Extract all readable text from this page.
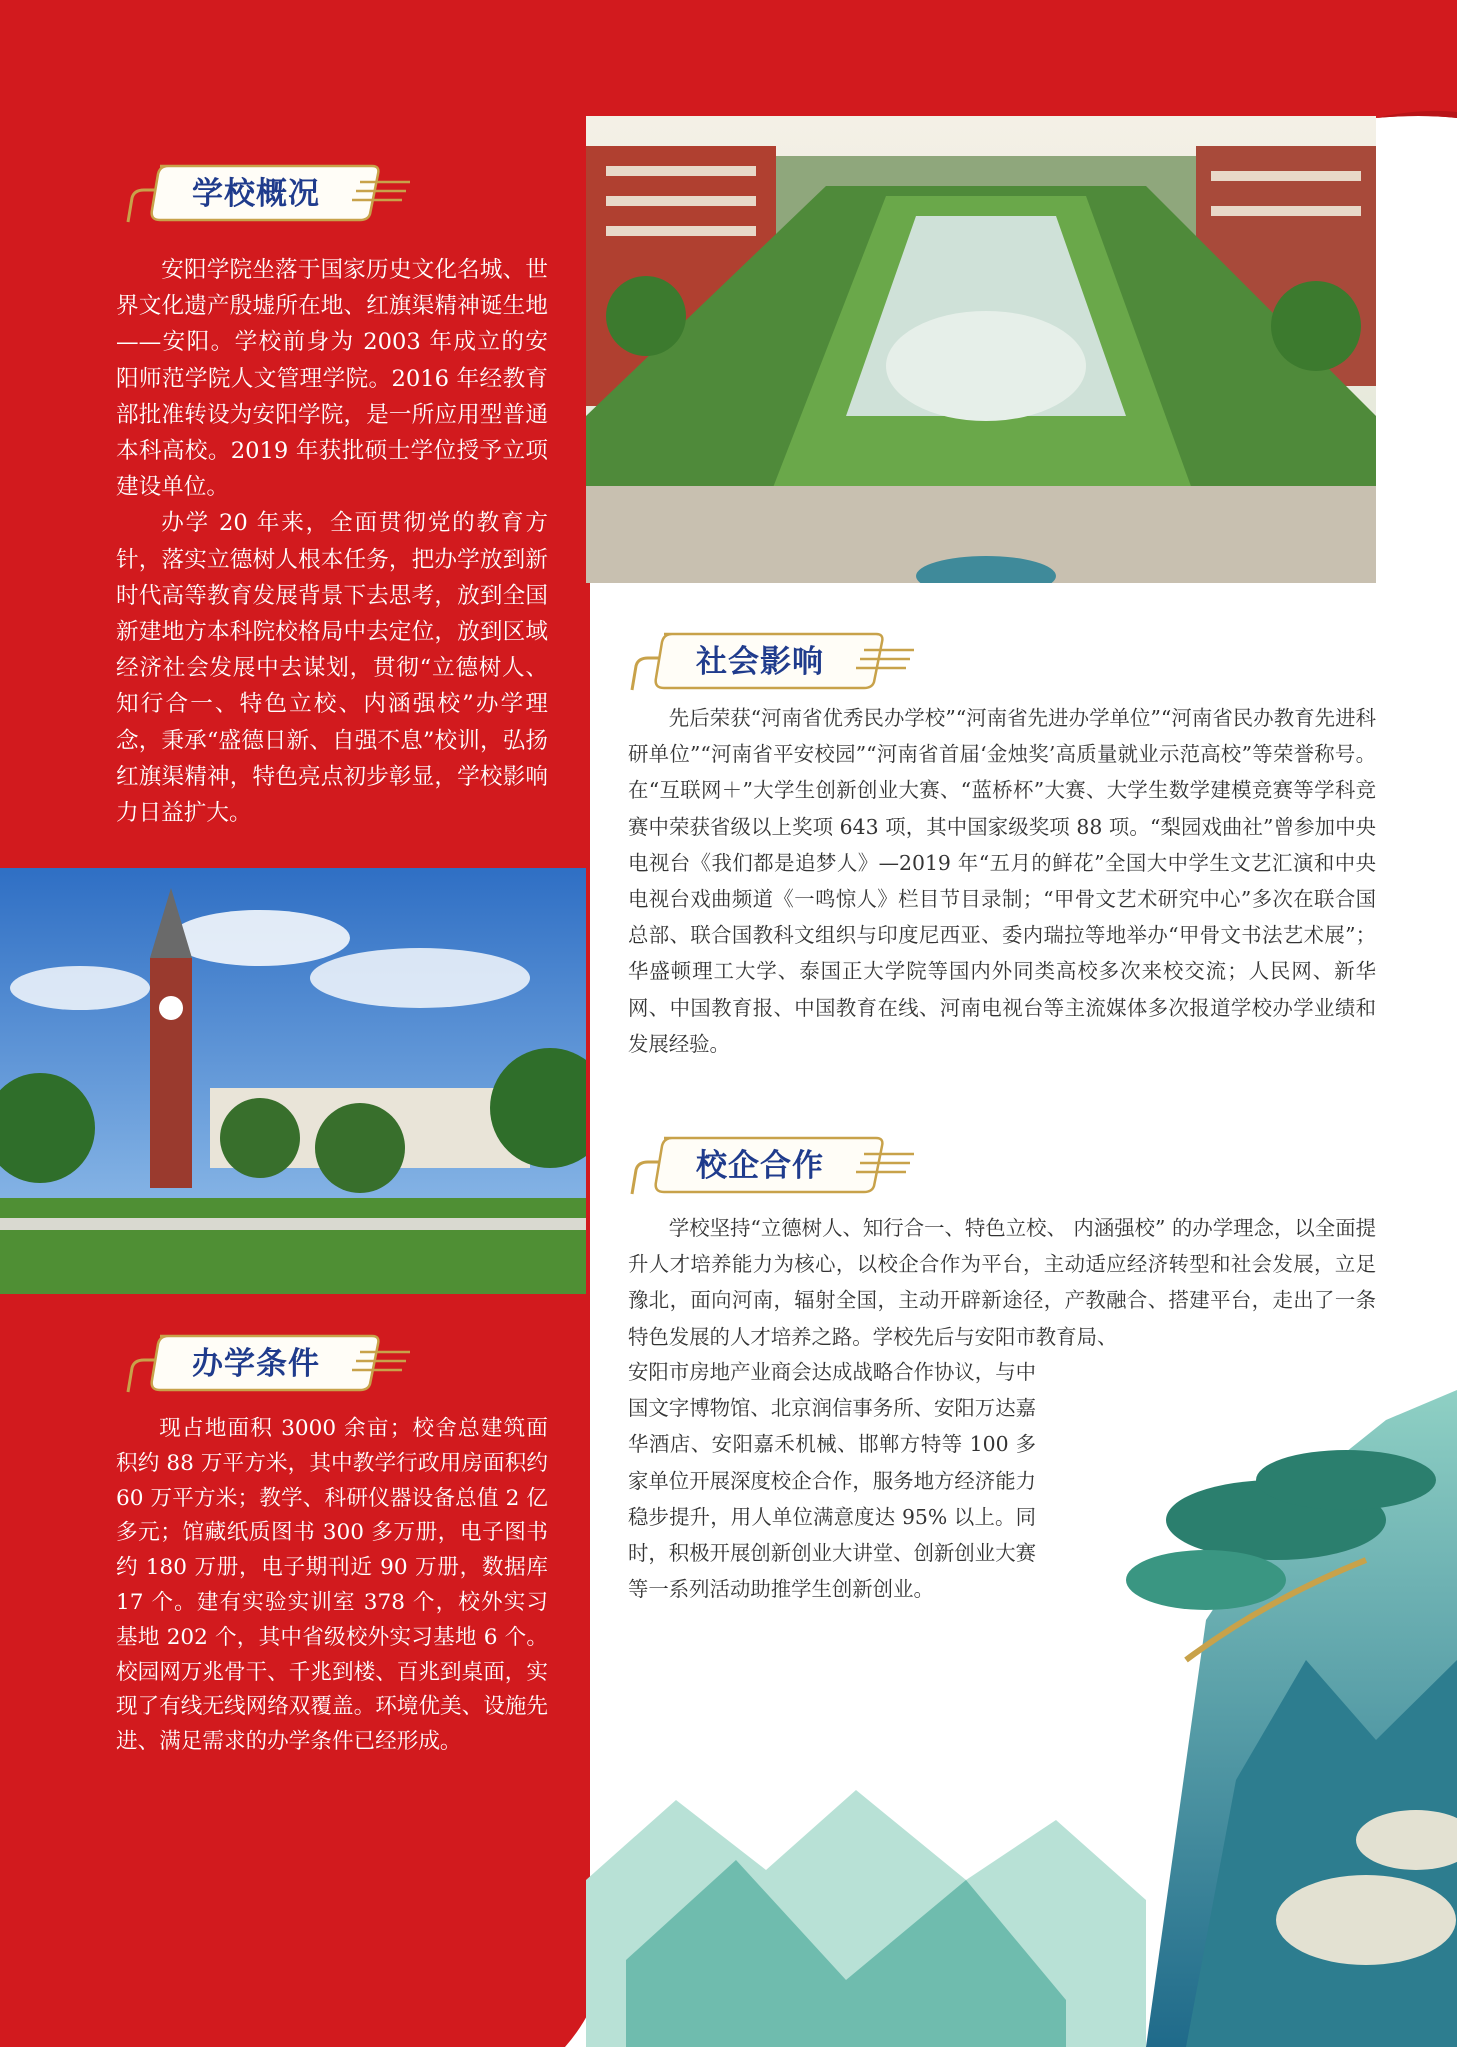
学校概况

安阳学院坐落于国家历史文化名城、世界文化遗产殷墟所在地、红旗渠精神诞生地——安阳。学校前身为 2003 年成立的安阳师范学院人文管理学院。2016 年经教育部批准转设为安阳学院，是一所应用型普通本科高校。2019 年获批硕士学位授予立项建设单位。

办学 20 年来，全面贯彻党的教育方针，落实立德树人根本任务，把办学放到新时代高等教育发展背景下去思考，放到全国新建地方本科院校格局中去定位，放到区域经济社会发展中去谋划，贯彻“立德树人、知行合一、特色立校、内涵强校”办学理念，秉承“盛德日新、自强不息”校训，弘扬红旗渠精神，特色亮点初步彰显，学校影响力日益扩大。

办学条件

现占地面积 3000 余亩；校舍总建筑面积约 88 万平方米，其中教学行政用房面积约 60 万平方米；教学、科研仪器设备总值 2 亿多元；馆藏纸质图书 300 多万册，电子图书约 180 万册，电子期刊近 90 万册，数据库 17 个。建有实验实训室 378 个，校外实习基地 202 个，其中省级校外实习基地 6 个。校园网万兆骨干、千兆到楼、百兆到桌面，实现了有线无线网络双覆盖。环境优美、设施先进、满足需求的办学条件已经形成。

社会影响

先后荣获“河南省优秀民办学校”“河南省先进办学单位”“河南省民办教育先进科研单位”“河南省平安校园”“河南省首届‘金烛奖’高质量就业示范高校”等荣誉称号。在“互联网＋”大学生创新创业大赛、“蓝桥杯”大赛、大学生数学建模竞赛等学科竞赛中荣获省级以上奖项 643 项，其中国家级奖项 88 项。“梨园戏曲社”曾参加中央电视台《我们都是追梦人》—2019 年“五月的鲜花”全国大中学生文艺汇演和中央电视台戏曲频道《一鸣惊人》栏目节目录制；“甲骨文艺术研究中心”多次在联合国总部、联合国教科文组织与印度尼西亚、委内瑞拉等地举办“甲骨文书法艺术展”；华盛顿理工大学、泰国正大学院等国内外同类高校多次来校交流；人民网、新华网、中国教育报、中国教育在线、河南电视台等主流媒体多次报道学校办学业绩和发展经验。

校企合作

学校坚持“立德树人、知行合一、特色立校、 内涵强校” 的办学理念，以全面提升人才培养能力为核心，以校企合作为平台，主动适应经济转型和社会发展，立足豫北，面向河南，辐射全国，主动开辟新途径，产教融合、搭建平台，走出了一条特色发展的人才培养之路。学校先后与安阳市教育局、

安阳市房地产业商会达成战略合作协议，与中国文字博物馆、北京润信事务所、安阳万达嘉华酒店、安阳嘉禾机械、邯郸方特等 100 多家单位开展深度校企合作，服务地方经济能力稳步提升，用人单位满意度达 95% 以上。同时，积极开展创新创业大讲堂、创新创业大赛等一系列活动助推学生创新创业。
